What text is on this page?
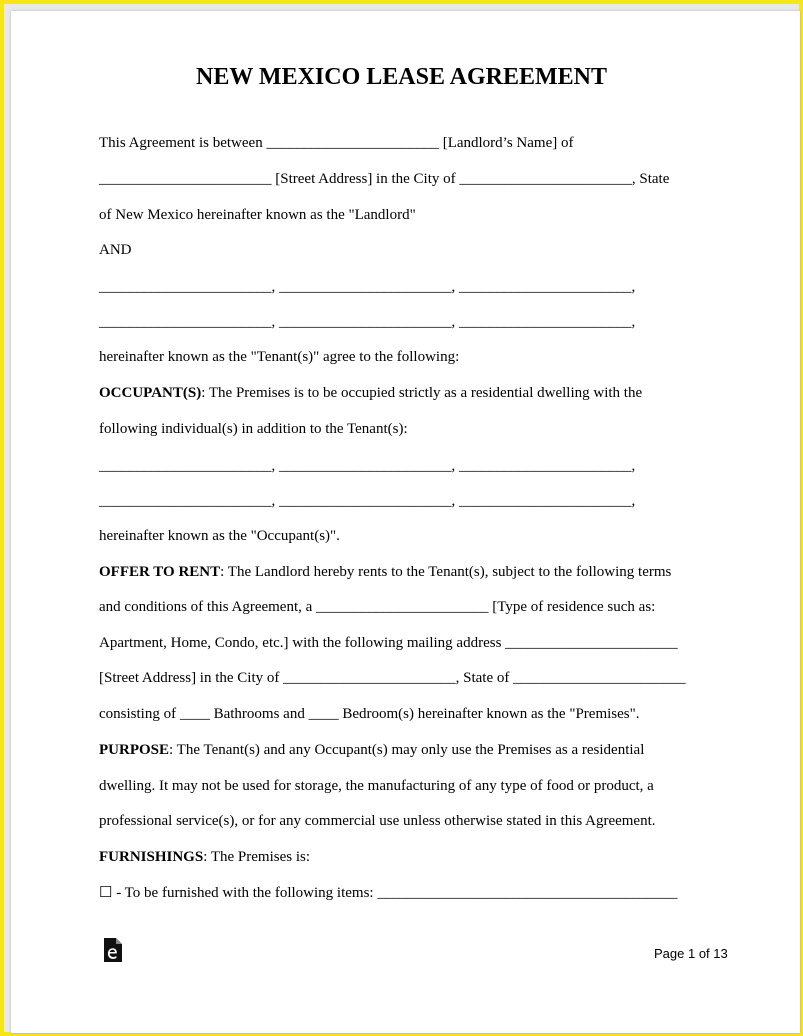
NEW MEXICO LEASE AGREEMENT
This Agreement is between _______________________ [Landlord’s Name] of
_______________________ [Street Address] in the City of _______________________, State
of New Mexico hereinafter known as the "Landlord"
AND
_______________________, _______________________, _______________________,
_______________________, _______________________, _______________________,
hereinafter known as the "Tenant(s)" agree to the following:
OCCUPANT(S): The Premises is to be occupied strictly as a residential dwelling with the
following individual(s) in addition to the Tenant(s):
_______________________, _______________________, _______________________,
_______________________, _______________________, _______________________,
hereinafter known as the "Occupant(s)".
OFFER TO RENT: The Landlord hereby rents to the Tenant(s), subject to the following terms
and conditions of this Agreement, a _______________________ [Type of residence such as:
Apartment, Home, Condo, etc.] with the following mailing address _______________________
[Street Address] in the City of _______________________, State of _______________________
consisting of ____ Bathrooms and ____ Bedroom(s) hereinafter known as the "Premises".
PURPOSE: The Tenant(s) and any Occupant(s) may only use the Premises as a residential
dwelling. It may not be used for storage, the manufacturing of any type of food or product, a
professional service(s), or for any commercial use unless otherwise stated in this Agreement.
FURNISHINGS: The Premises is:
☐ - To be furnished with the following items: ________________________________________
Page 1 of 13
